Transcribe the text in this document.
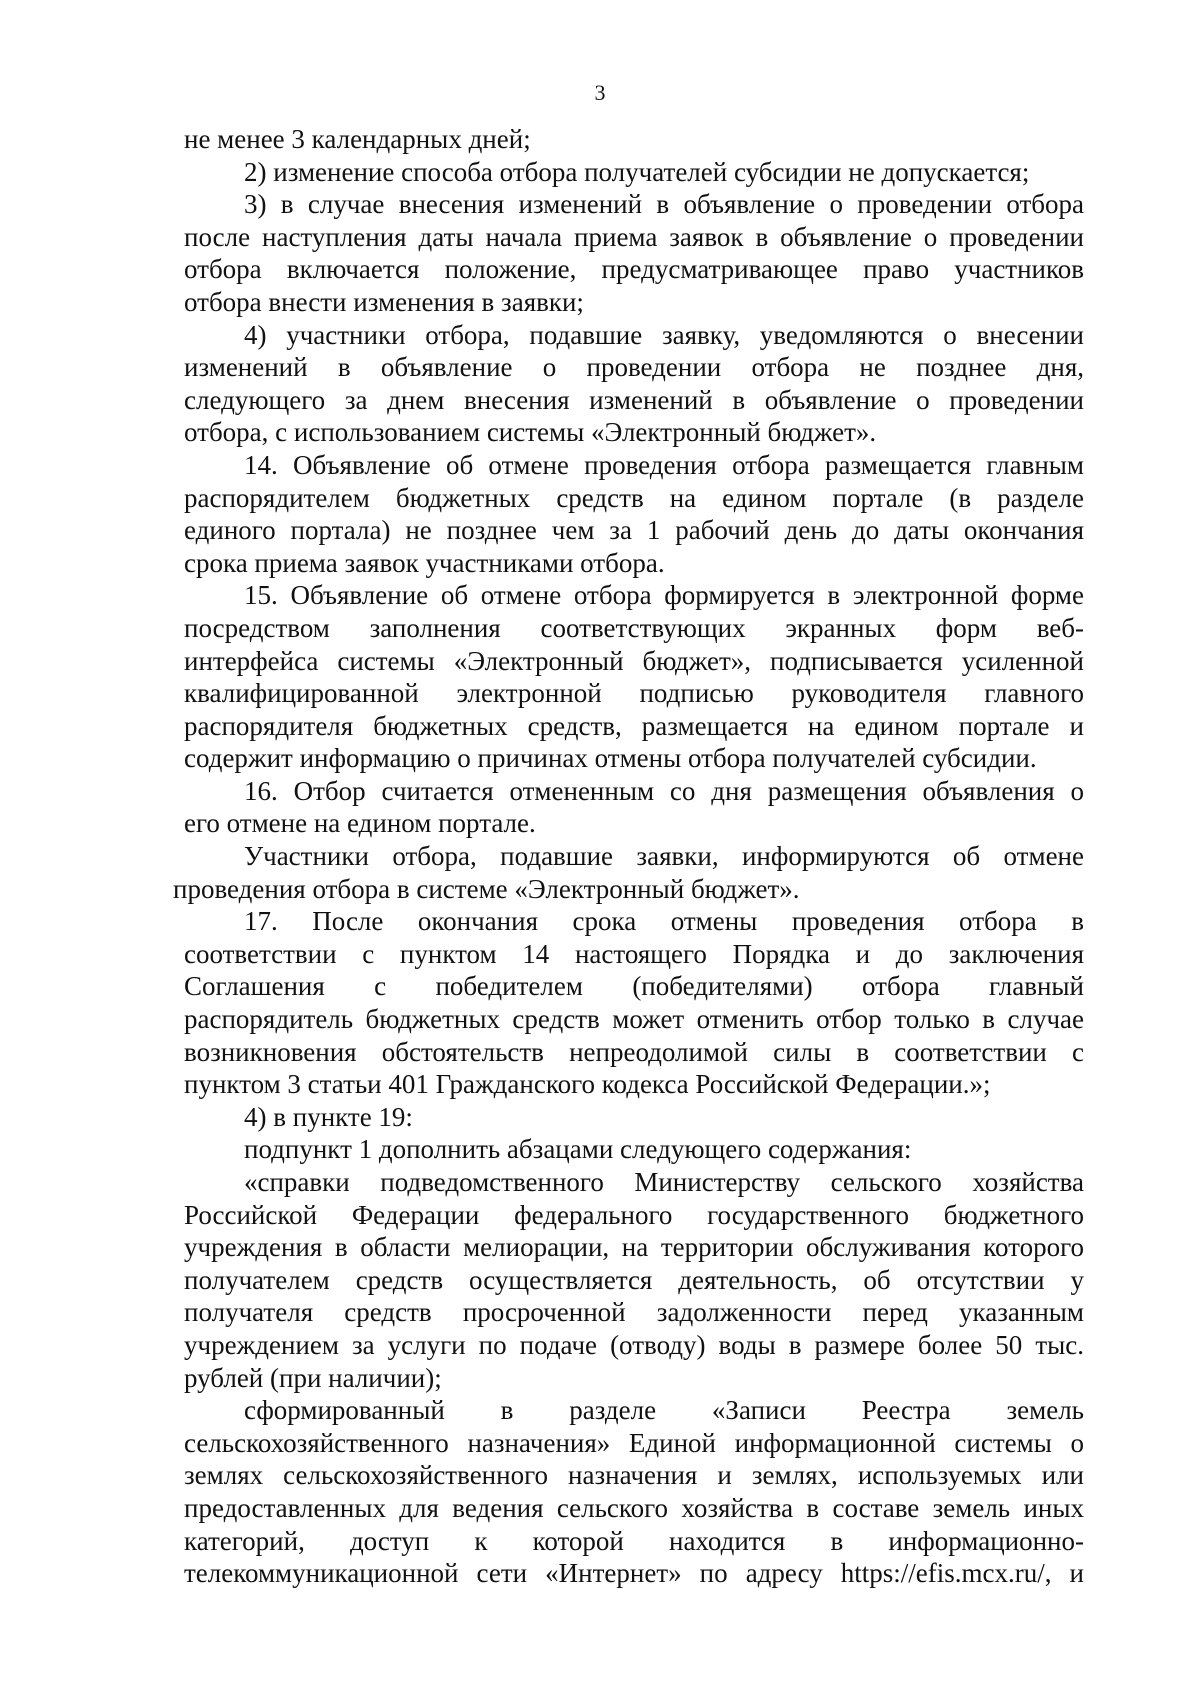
3
не менее 3 календарных дней;
2) изменение способа отбора получателей субсидии не допускается;
3) в случае внесения изменений в объявление о проведении отбора
после наступления даты начала приема заявок в объявление о проведении
отбора включается положение, предусматривающее право участников
отбора внести изменения в заявки;
4) участники отбора, подавшие заявку, уведомляются о внесении
изменений в объявление о проведении отбора не позднее дня,
следующего за днем внесения изменений в объявление о проведении
отбора, с использованием системы «Электронный бюджет».
14. Объявление об отмене проведения отбора размещается главным
распорядителем бюджетных средств на едином портале (в разделе
единого портала) не позднее чем за 1 рабочий день до даты окончания
срока приема заявок участниками отбора.
15. Объявление об отмене отбора формируется в электронной форме
посредством заполнения соответствующих экранных форм веб-
интерфейса системы «Электронный бюджет», подписывается усиленной
квалифицированной электронной подписью руководителя главного
распорядителя бюджетных средств, размещается на едином портале и
содержит информацию о причинах отмены отбора получателей субсидии.
16. Отбор считается отмененным со дня размещения объявления о
его отмене на едином портале.
Участники отбора, подавшие заявки, информируются об отмене
проведения отбора в системе «Электронный бюджет».
17. После окончания срока отмены проведения отбора в
соответствии с пунктом 14 настоящего Порядка и до заключения
Соглашения с победителем (победителями) отбора главный
распорядитель бюджетных средств может отменить отбор только в случае
возникновения обстоятельств непреодолимой силы в соответствии с
пунктом 3 статьи 401 Гражданского кодекса Российской Федерации.»;
4) в пункте 19:
подпункт 1 дополнить абзацами следующего содержания:
«справки подведомственного Министерству сельского хозяйства
Российской Федерации федерального государственного бюджетного
учреждения в области мелиорации, на территории обслуживания которого
получателем средств осуществляется деятельность, об отсутствии у
получателя средств просроченной задолженности перед указанным
учреждением за услуги по подаче (отводу) воды в размере более 50 тыс.
рублей (при наличии);
сформированный в разделе «Записи Реестра земель
сельскохозяйственного назначения» Единой информационной системы о
землях сельскохозяйственного назначения и землях, используемых или
предоставленных для ведения сельского хозяйства в составе земель иных
категорий, доступ к которой находится в информационно-
телекоммуникационной сети «Интернет» по адресу https://efis.mcx.ru/, и
